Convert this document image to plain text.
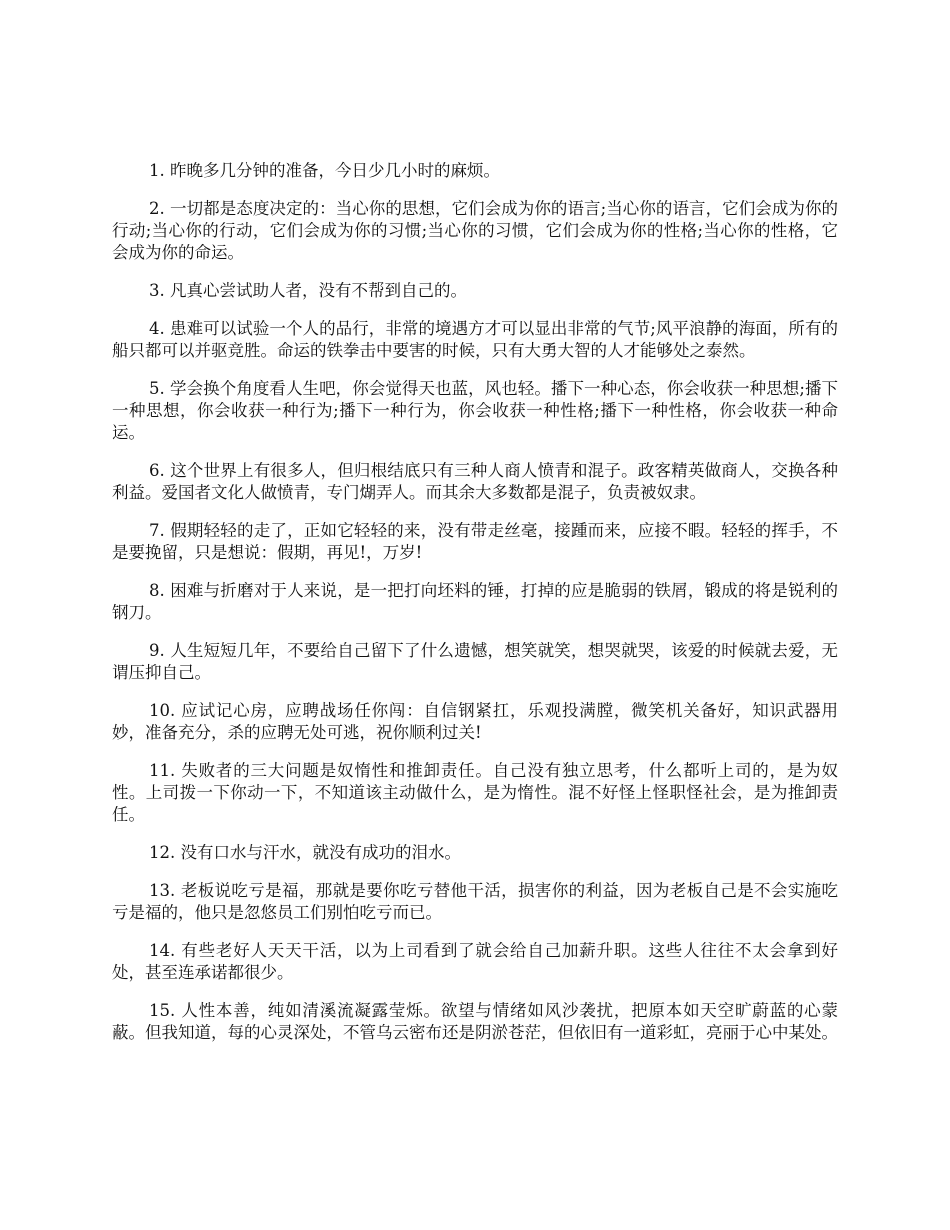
1. 昨晚多几分钟的准备，今日少几小时的麻烦。

2. 一切都是态度决定的：当心你的思想，它们会成为你的语言;当心你的语言，它们会成为你的行动;当心你的行动，它们会成为你的习惯;当心你的习惯，它们会成为你的性格;当心你的性格，它会成为你的命运。

3. 凡真心尝试助人者，没有不帮到自己的。

4. 患难可以试验一个人的品行，非常的境遇方才可以显出非常的气节;风平浪静的海面，所有的船只都可以并驱竞胜。命运的铁拳击中要害的时候，只有大勇大智的人才能够处之泰然。

5. 学会换个角度看人生吧，你会觉得天也蓝，风也轻。播下一种心态，你会收获一种思想;播下一种思想，你会收获一种行为;播下一种行为，你会收获一种性格;播下一种性格，你会收获一种命运。

6. 这个世界上有很多人，但归根结底只有三种人商人愤青和混子。政客精英做商人，交换各种利益。爱国者文化人做愤青，专门煳弄人。而其余大多数都是混子，负责被奴隶。

7. 假期轻轻的走了，正如它轻轻的来，没有带走丝毫，接踵而来，应接不暇。轻轻的挥手，不是要挽留，只是想说：假期，再见!，万岁!

8. 困难与折磨对于人来说，是一把打向坯料的锤，打掉的应是脆弱的铁屑，锻成的将是锐利的钢刀。

9. 人生短短几年，不要给自己留下了什么遗憾，想笑就笑，想哭就哭，该爱的时候就去爱，无谓压抑自己。

10. 应试记心房，应聘战场任你闯：自信钢紧扛，乐观投满膛，微笑机关备好，知识武器用妙，准备充分，杀的应聘无处可逃，祝你顺利过关!

11. 失败者的三大问题是奴惰性和推卸责任。自己没有独立思考，什么都听上司的，是为奴性。上司拨一下你动一下，不知道该主动做什么，是为惰性。混不好怪上怪职怪社会，是为推卸责任。

12. 没有口水与汗水，就没有成功的泪水。

13. 老板说吃亏是福，那就是要你吃亏替他干活，损害你的利益，因为老板自己是不会实施吃亏是福的，他只是忽悠员工们别怕吃亏而已。

14. 有些老好人天天干活，以为上司看到了就会给自己加薪升职。这些人往往不太会拿到好处，甚至连承诺都很少。

15. 人性本善，纯如清溪流凝露莹烁。欲望与情绪如风沙袭扰，把原本如天空旷蔚蓝的心蒙蔽。但我知道，每的心灵深处，不管乌云密布还是阴淤苍茫，但依旧有一道彩虹，亮丽于心中某处。
